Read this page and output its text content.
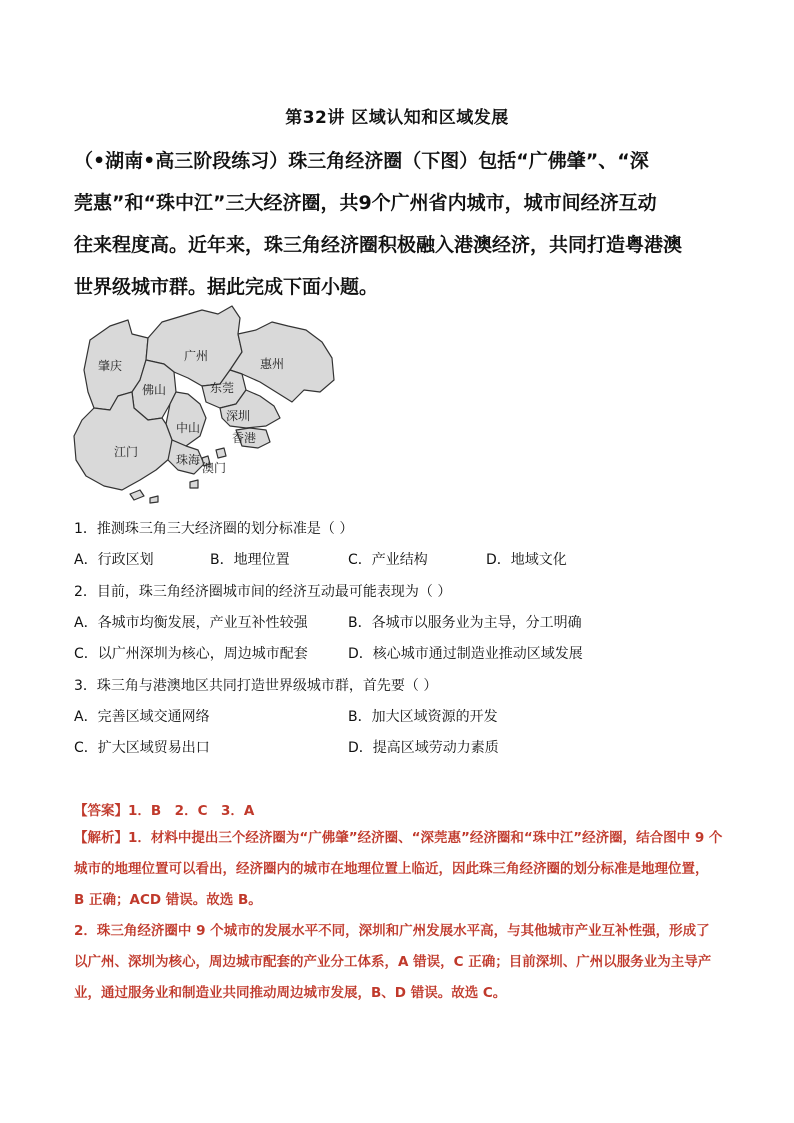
第32讲 区域认知和区域发展

（•湖南•高三阶段练习）珠三角经济圈（下图）包括“广佛肇”、“深

莞惠”和“珠中江”三大经济圈，共9个广州省内城市，城市间经济互动

往来程度高。近年来，珠三角经济圈积极融入港澳经济，共同打造粤港澳

世界级城市群。据此完成下面小题。

肇庆
广州
惠州
佛山	东莞
深圳
中山
香港
江门
珠海
澳门
1．推测珠三角三大经济圈的划分标准是（ ）
A．行政区划	B．地理位置	C．产业结构	D．地域文化
2．目前，珠三角经济圈城市间的经济互动最可能表现为（ ）
A．各城市均衡发展，产业互补性较强	B．各城市以服务业为主导，分工明确
C．以广州深圳为核心，周边城市配套	D．核心城市通过制造业推动区域发展
3．珠三角与港澳地区共同打造世界级城市群，首先要（ ）
A．完善区域交通网络	B．加大区域资源的开发
C．扩大区域贸易出口	D．提高区域劳动力素质
【答案】1．B　2．C　3．A

【解析】1．材料中提出三个经济圈为“广佛肇”经济圈、“深莞惠”经济圈和“珠中江”经济圈，结合图中 9 个

城市的地理位置可以看出，经济圈内的城市在地理位置上临近，因此珠三角经济圈的划分标准是地理位置，

B 正确；ACD 错误。故选 B。

2．珠三角经济圈中 9 个城市的发展水平不同，深圳和广州发展水平高，与其他城市产业互补性强，形成了

以广州、深圳为核心，周边城市配套的产业分工体系，A 错误，C 正确；目前深圳、广州以服务业为主导产

业，通过服务业和制造业共同推动周边城市发展，B、D 错误。故选 C。
